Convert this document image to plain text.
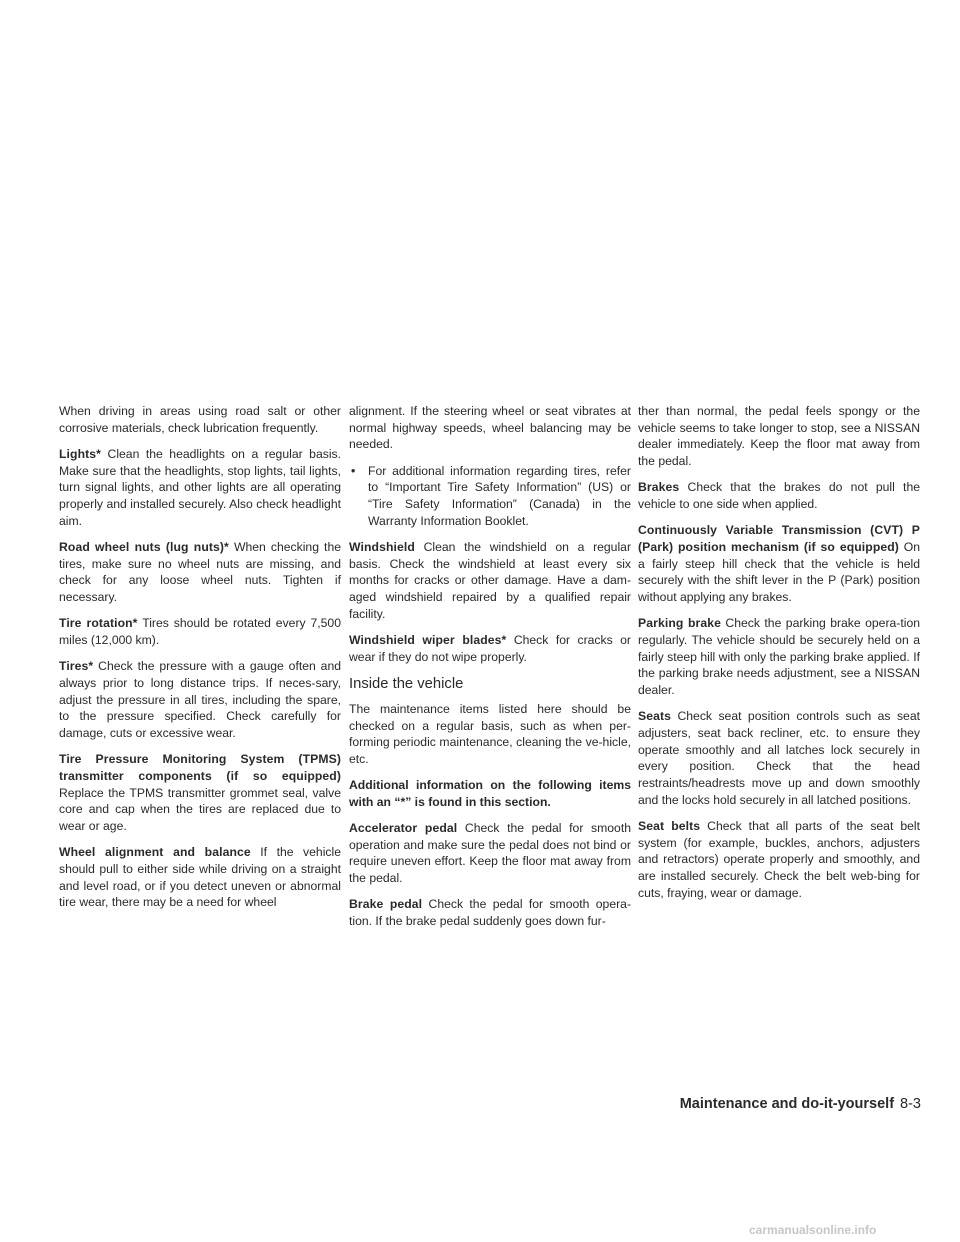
When driving in areas using road salt or other corrosive materials, check lubrication frequently.

Lights* Clean the headlights on a regular basis. Make sure that the headlights, stop lights, tail lights, turn signal lights, and other lights are all operating properly and installed securely. Also check headlight aim.

Road wheel nuts (lug nuts)* When checking the tires, make sure no wheel nuts are missing, and check for any loose wheel nuts. Tighten if necessary.

Tire rotation* Tires should be rotated every 7,500 miles (12,000 km).

Tires* Check the pressure with a gauge often and always prior to long distance trips. If neces-sary, adjust the pressure in all tires, including the spare, to the pressure specified. Check carefully for damage, cuts or excessive wear.

Tire Pressure Monitoring System (TPMS) transmitter components (if so equipped) Replace the TPMS transmitter grommet seal, valve core and cap when the tires are replaced due to wear or age.

Wheel alignment and balance If the vehicle should pull to either side while driving on a straight and level road, or if you detect uneven or abnormal tire wear, there may be a need for wheel

alignment. If the steering wheel or seat vibrates at normal highway speeds, wheel balancing may be needed.

• For additional information regarding tires, refer to “Important Tire Safety Information” (US) or “Tire Safety Information” (Canada) in the Warranty Information Booklet.

Windshield Clean the windshield on a regular basis. Check the windshield at least every six months for cracks or other damage. Have a dam-aged windshield repaired by a qualified repair facility.

Windshield wiper blades* Check for cracks or wear if they do not wipe properly.

Inside the vehicle

The maintenance items listed here should be checked on a regular basis, such as when per-forming periodic maintenance, cleaning the ve-hicle, etc.

Additional information on the following items with an “*” is found in this section.

Accelerator pedal Check the pedal for smooth operation and make sure the pedal does not bind or require uneven effort. Keep the floor mat away from the pedal.

Brake pedal Check the pedal for smooth opera-tion. If the brake pedal suddenly goes down fur-

ther than normal, the pedal feels spongy or the vehicle seems to take longer to stop, see a NISSAN dealer immediately. Keep the floor mat away from the pedal.

Brakes Check that the brakes do not pull the vehicle to one side when applied.

Continuously Variable Transmission (CVT) P (Park) position mechanism (if so equipped) On a fairly steep hill check that the vehicle is held securely with the shift lever in the P (Park) position without applying any brakes.

Parking brake Check the parking brake opera-tion regularly. The vehicle should be securely held on a fairly steep hill with only the parking brake applied. If the parking brake needs adjustment, see a NISSAN dealer.

Seats Check seat position controls such as seat adjusters, seat back recliner, etc. to ensure they operate smoothly and all latches lock securely in every position. Check that the head restraints/headrests move up and down smoothly and the locks hold securely in all latched positions.

Seat belts Check that all parts of the seat belt system (for example, buckles, anchors, adjusters and retractors) operate properly and smoothly, and are installed securely. Check the belt web-bing for cuts, fraying, wear or damage.

Maintenance and do-it-yourself 8-3
carmanualsonline.info
